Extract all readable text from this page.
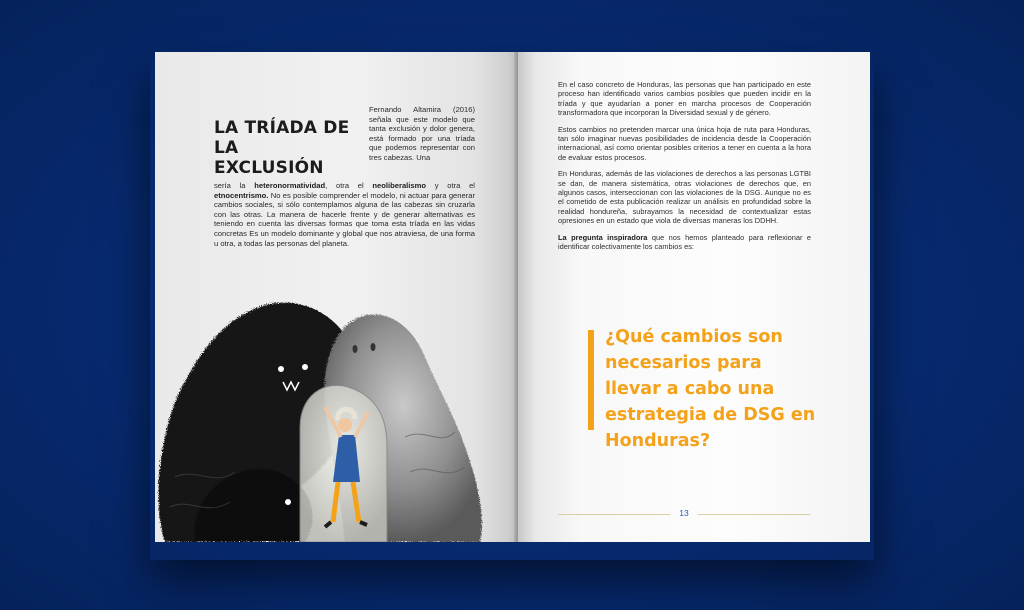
LA TRÍADA DE LA EXCLUSIÓN
Fernando Altamira (2016) señala que este modelo que tanta exclusión y dolor genera, está formado por una tríada que podemos representar con tres cabezas. Una
sería la heteronormatividad, otra el neoliberalismo y otra el etnocentrismo. No es posible comprender el modelo, ni actuar para generar cambios sociales, si sólo contemplamos alguna de las cabezas sin cruzarla con las otras. La manera de hacerle frente y de generar alternativas es teniendo en cuenta las diversas formas que toma esta tríada en las vidas concretas Es un modelo dominante y global que nos atraviesa, de una forma u otra, a todas las personas del planeta.

En el caso concreto de Honduras, las personas que han participado en este proceso han identificado varios cambios posibles que pueden incidir en la tríada y que ayudarían a poner en marcha procesos de Cooperación transformadora que incorporan la Diversidad sexual y de género.

Estos cambios no pretenden marcar una única hoja de ruta para Honduras, tan sólo imaginar nuevas posibilidades de incidencia desde la Cooperación internacional, así como orientar posibles criterios a tener en cuenta a la hora de evaluar estos procesos.

En Honduras, además de las violaciones de derechos a las personas LGTBI se dan, de manera sistemática, otras violaciones de derechos que, en algunos casos, interseccionan con las violaciones de la DSG. Aunque no es el cometido de esta publicación realizar un análisis en profundidad sobre la realidad hondureña, subrayamos la necesidad de contextualizar estas opresiones en un estado que viola de diversas maneras los DDHH.

La pregunta inspiradora que nos hemos planteado para reflexionar e identificar colectivamente los cambios es:

¿Qué cambios son necesarios para llevar a cabo una estrategia de DSG en Honduras?
13
